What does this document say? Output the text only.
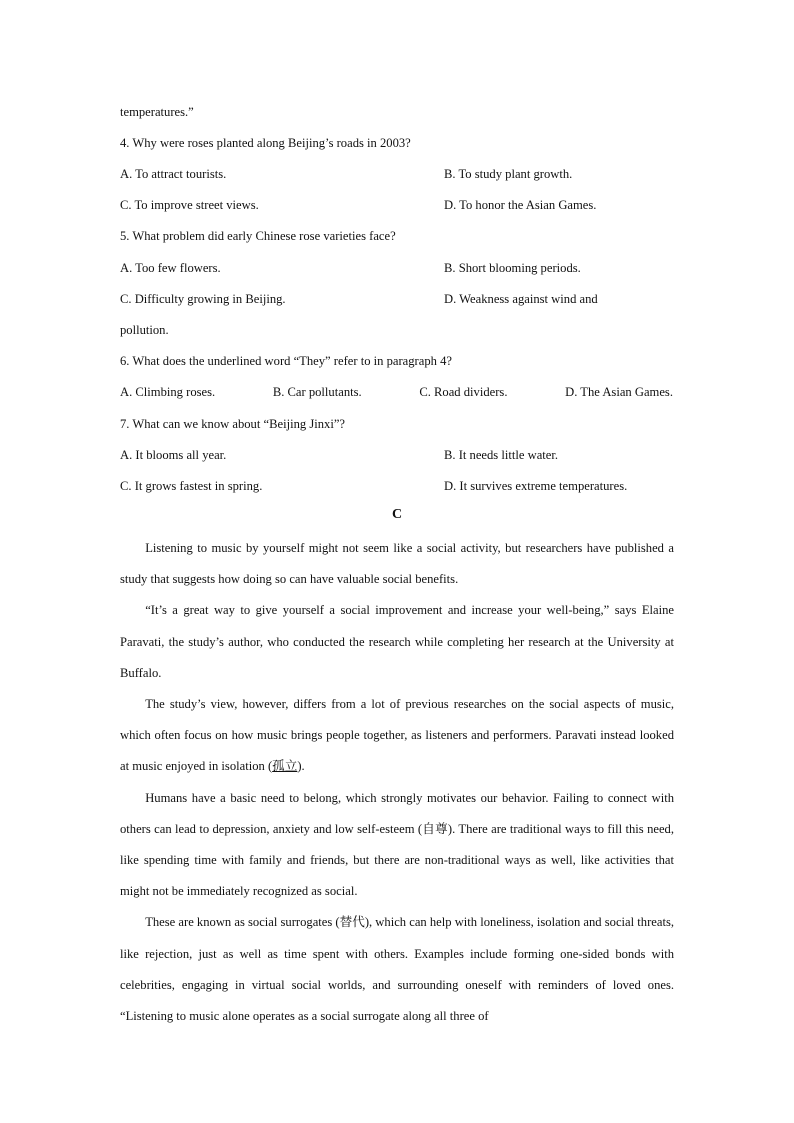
temperatures.”
4. Why were roses planted along Beijing’s roads in 2003?
A. To attract tourists.	B. To study plant growth.
C. To improve street views.	D. To honor the Asian Games.
5. What problem did early Chinese rose varieties face?
A. Too few flowers.	B. Short blooming periods.
C. Difficulty growing in Beijing.	D. Weakness against wind and
pollution.
6. What does the underlined word “They” refer to in paragraph 4?
A. Climbing roses.	B. Car pollutants.	C. Road dividers.	D. The Asian Games.
7. What can we know about “Beijing Jinxi”?
A. It blooms all year.	B. It needs little water.
C. It grows fastest in spring.	D. It survives extreme temperatures.
C

Listening to music by yourself might not seem like a social activity, but researchers have published a study that suggests how doing so can have valuable social benefits.

“It’s a great way to give yourself a social improvement and increase your well-being,” says Elaine Paravati, the study’s author, who conducted the research while completing her research at the University at Buffalo.

The study’s view, however, differs from a lot of previous researches on the social aspects of music, which often focus on how music brings people together, as listeners and performers. Paravati instead looked at music enjoyed in isolation (孤立).

Humans have a basic need to belong, which strongly motivates our behavior. Failing to connect with others can lead to depression, anxiety and low self-esteem (自尊). There are traditional ways to fill this need, like spending time with family and friends, but there are non-traditional ways as well, like activities that might not be immediately recognized as social.

These are known as social surrogates (替代), which can help with loneliness, isolation and social threats, like rejection, just as well as time spent with others. Examples include forming one-sided bonds with celebrities, engaging in virtual social worlds, and surrounding oneself with reminders of loved ones. “Listening to music alone operates as a social surrogate along all three of
